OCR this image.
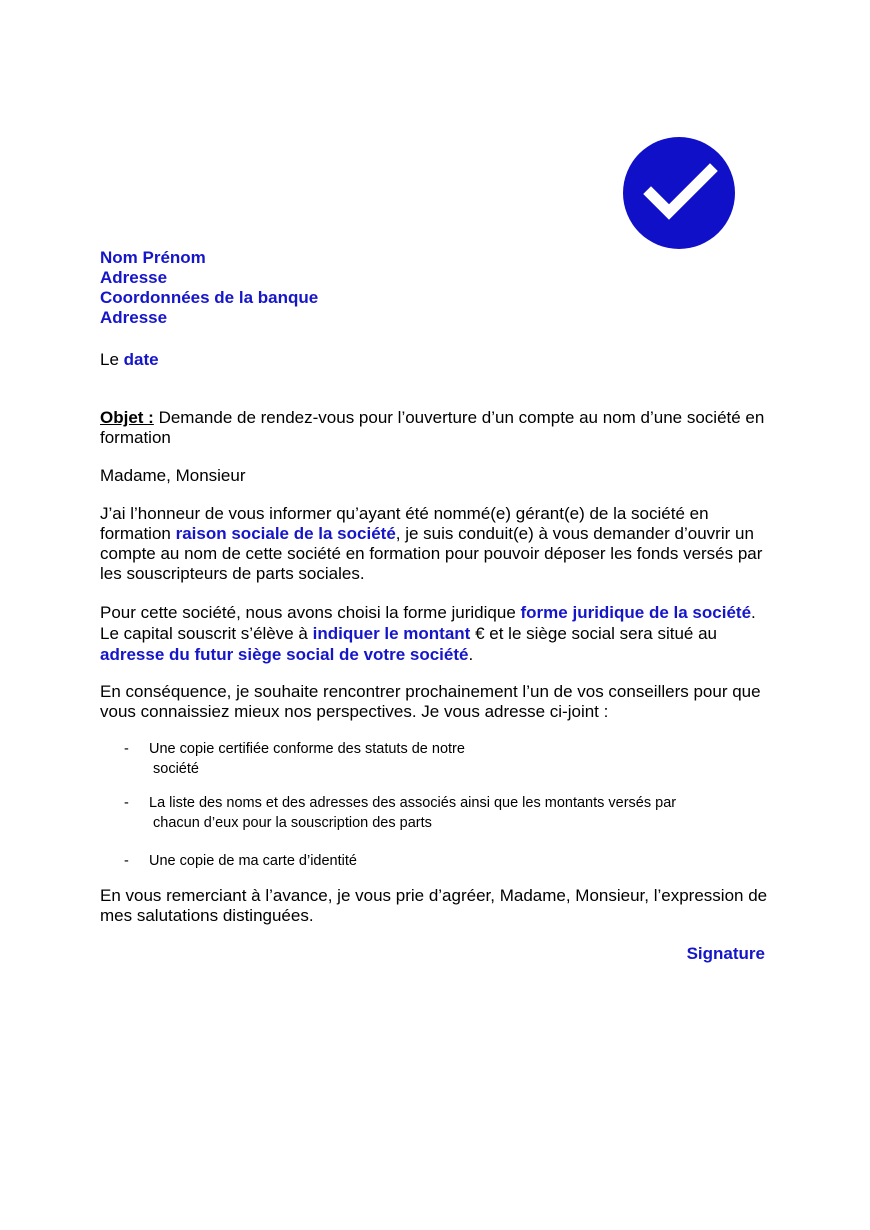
Nom Prénom
Adresse
Coordonnées de la banque
Adresse
Le date

Objet : Demande de rendez-vous pour l’ouverture d’un compte au nom d’une société en formation

Madame, Monsieur

J’ai l’honneur de vous informer qu’ayant été nommé(e) gérant(e) de la société en formation raison sociale de la société, je suis conduit(e) à vous demander d’ouvrir un compte au nom de cette société en formation pour pouvoir déposer les fonds versés par les souscripteurs de parts sociales.

Pour cette société, nous avons choisi la forme juridique forme juridique de la société. Le capital souscrit s’élève à indiquer le montant € et le siège social sera situé au adresse du futur siège social de votre société.

En conséquence, je souhaite rencontrer prochainement l’un de vos conseillers pour que vous connaissiez mieux nos perspectives. Je vous adresse ci-joint :

- Une copie certifiée conforme des statuts de notre
société
- La liste des noms et des adresses des associés ainsi que les montants versés par
chacun d’eux pour la souscription des parts
- Une copie de ma carte d’identité

En vous remerciant à l’avance, je vous prie d’agréer, Madame, Monsieur, l’expression de mes salutations distinguées.

Signature
